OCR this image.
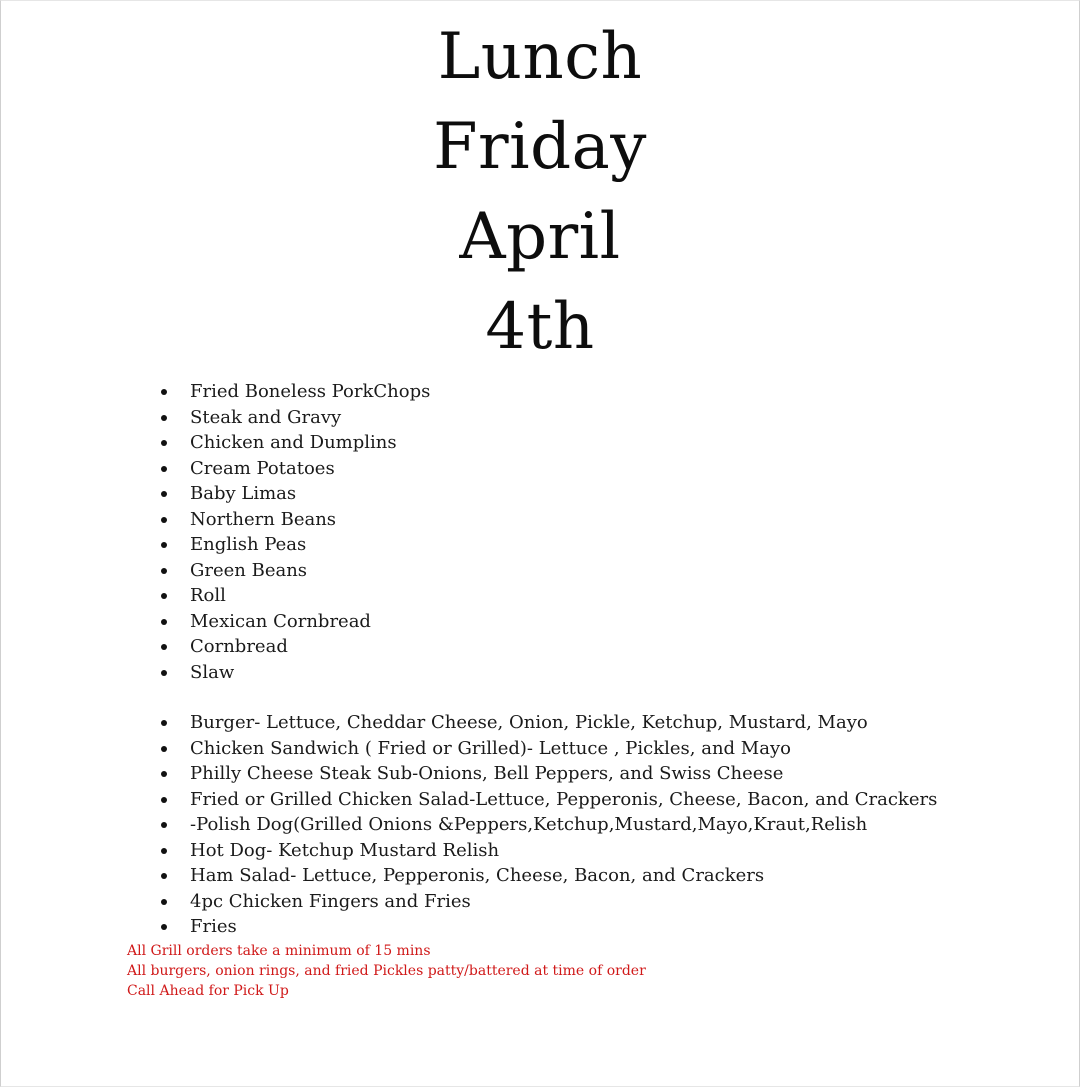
Lunch
Friday
April
4th
Fried Boneless PorkChops
Steak and Gravy
Chicken and Dumplins
Cream Potatoes
Baby Limas
Northern Beans
English Peas
Green Beans
Roll
Mexican Cornbread
Cornbread
Slaw
Burger- Lettuce, Cheddar Cheese, Onion, Pickle, Ketchup, Mustard, Mayo
Chicken Sandwich ( Fried or Grilled)- Lettuce , Pickles, and Mayo
Philly Cheese Steak Sub-Onions, Bell Peppers, and Swiss Cheese
Fried or Grilled Chicken Salad-Lettuce, Pepperonis, Cheese, Bacon, and Crackers
-Polish Dog(Grilled Onions &Peppers,Ketchup,Mustard,Mayo,Kraut,Relish
Hot Dog- Ketchup Mustard Relish
Ham Salad- Lettuce, Pepperonis, Cheese, Bacon, and Crackers
4pc Chicken Fingers and Fries
Fries
All Grill orders take a minimum of 15 mins
All burgers, onion rings, and fried Pickles patty/battered at time of order
Call Ahead for Pick Up
